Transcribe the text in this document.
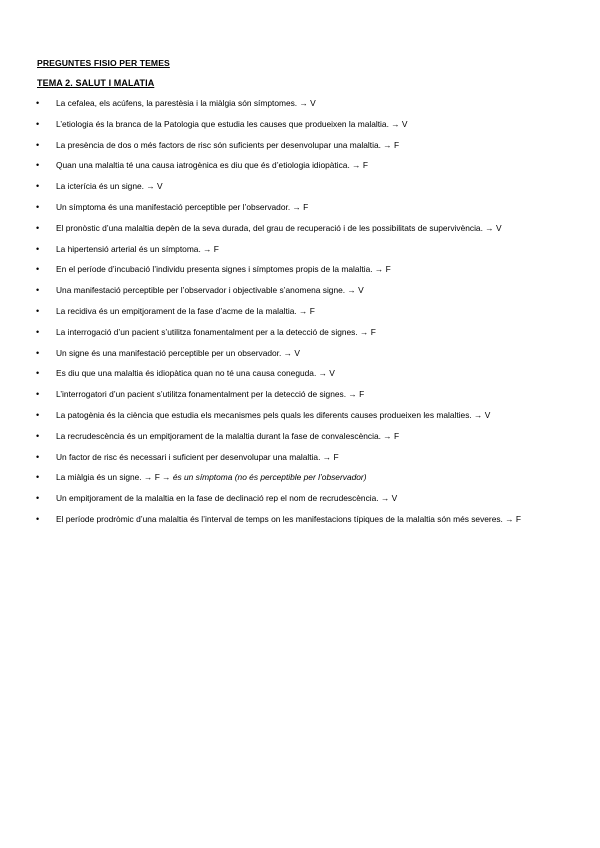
PREGUNTES FISIO PER TEMES
TEMA 2. SALUT I MALATIA
• La cefalea, els acúfens, la parestèsia i la miàlgia són símptomes. → V
• L’etiologia és la branca de la Patologia que estudia les causes que produeixen la malaltia. → V
• La presència de dos o més factors de risc són suficients per desenvolupar una malaltia. → F
• Quan una malaltia té una causa iatrogènica es diu que és d’etiologia idiopàtica. → F
• La icterícia és un signe. → V
• Un símptoma és una manifestació perceptible per l’observador. → F
• El pronòstic d’una malaltia depèn de la seva durada, del grau de recuperació i de les possibilitats de supervivència. → V
• La hipertensió arterial és un símptoma. → F
• En el període d’incubació l’individu presenta signes i símptomes propis de la malaltia. → F
• Una manifestació perceptible per l’observador i objectivable s’anomena signe. → V
• La recidiva és un empitjorament de la fase d’acme de la malaltia. → F
• La interrogació d’un pacient s’utilitza fonamentalment per a la detecció de signes. → F
• Un signe és una manifestació perceptible per un observador. → V
• Es diu que una malaltia és idiopàtica quan no té una causa coneguda. → V
• L’interrogatori d’un pacient s’utilitza fonamentalment per la detecció de signes. → F
• La patogènia és la ciència que estudia els mecanismes pels quals les diferents causes produeixen les malalties. → V
• La recrudescència és un empitjorament de la malaltia durant la fase de convalescència. → F
• Un factor de risc és necessari i suficient per desenvolupar una malaltia. → F
• La miàlgia és un signe. → F → és un símptoma (no és perceptible per l’observador)
• Un empitjorament de la malaltia en la fase de declinació rep el nom de recrudescència. → V
• El període prodròmic d’una malaltia és l’interval de temps on les manifestacions típiques de la malaltia són més severes. → F
